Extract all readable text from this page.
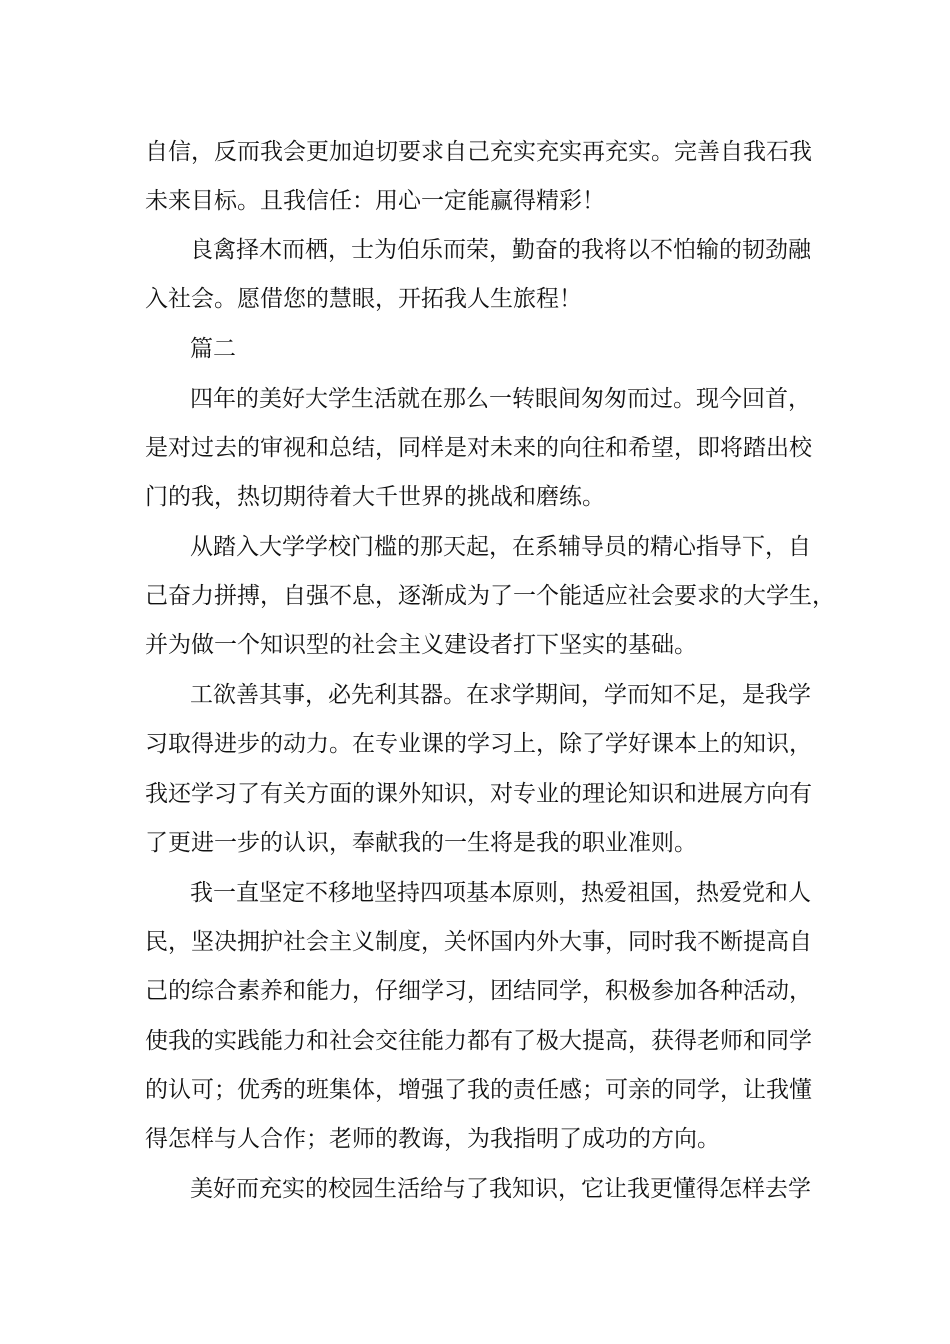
自信，反而我会更加迫切要求自己充实充实再充实。完善自我石我
未来目标。且我信任：用心一定能赢得精彩！
良禽择木而栖，士为伯乐而荣，勤奋的我将以不怕输的韧劲融
入社会。愿借您的慧眼，开拓我人生旅程！
篇二
四年的美好大学生活就在那么一转眼间匆匆而过。现今回首，
是对过去的审视和总结，同样是对未来的向往和希望，即将踏出校
门的我，热切期待着大千世界的挑战和磨练。
从踏入大学学校门槛的那天起，在系辅导员的精心指导下，自
己奋力拼搏，自强不息，逐渐成为了一个能适应社会要求的大学生，
并为做一个知识型的社会主义建设者打下坚实的基础。
工欲善其事，必先利其器。在求学期间，学而知不足，是我学
习取得进步的动力。在专业课的学习上，除了学好课本上的知识，
我还学习了有关方面的课外知识，对专业的理论知识和进展方向有
了更进一步的认识，奉献我的一生将是我的职业准则。
我一直坚定不移地坚持四项基本原则，热爱祖国，热爱党和人
民，坚决拥护社会主义制度，关怀国内外大事，同时我不断提高自
己的综合素养和能力，仔细学习，团结同学，积极参加各种活动，
使我的实践能力和社会交往能力都有了极大提高，获得老师和同学
的认可；优秀的班集体，增强了我的责任感；可亲的同学，让我懂
得怎样与人合作；老师的教诲，为我指明了成功的方向。
美好而充实的校园生活给与了我知识，它让我更懂得怎样去学
